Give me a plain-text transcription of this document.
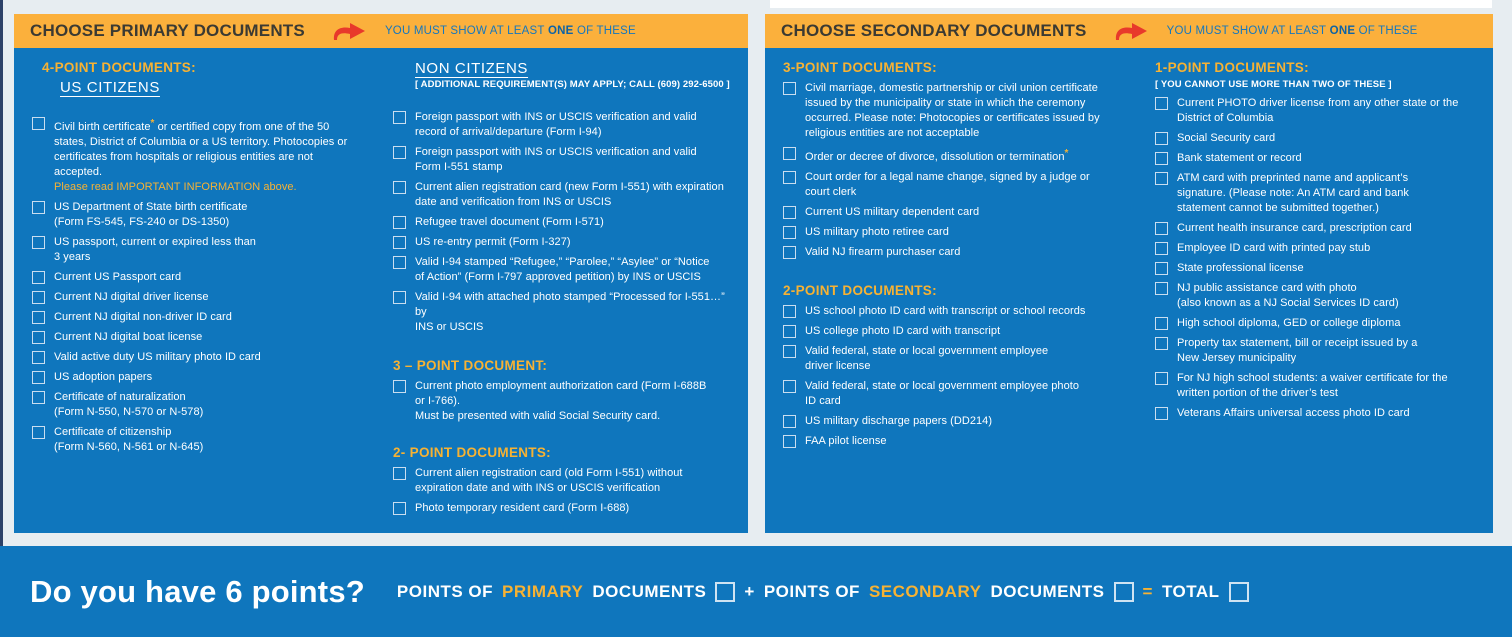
CHOOSE PRIMARY DOCUMENTS	YOU MUST SHOW AT LEAST ONE OF THESE
4-POINT DOCUMENTS:
US CITIZENS
Civil birth certificate* or certified copy from one of the 50 states, District of Columbia or a US territory. Photocopies or certificates from hospitals or religious entities are not accepted.
Please read IMPORTANT INFORMATION above.
US Department of State birth certificate
(Form FS-545, FS-240 or DS-1350)
US passport, current or expired less than
3 years
Current US Passport card
Current NJ digital driver license
Current NJ digital non-driver ID card
Current NJ digital boat license
Valid active duty US military photo ID card
US adoption papers
Certificate of naturalization
(Form N-550, N-570 or N-578)
Certificate of citizenship
(Form N-560, N-561 or N-645)
NON CITIZENS
[ ADDITIONAL REQUIREMENT(S) MAY APPLY; CALL (609) 292-6500 ]
Foreign passport with INS or USCIS verification and valid
record of arrival/departure (Form I-94)
Foreign passport with INS or USCIS verification and valid
Form I-551 stamp
Current alien registration card (new Form I-551) with expiration
date and verification from INS or USCIS
Refugee travel document (Form I-571)
US re-entry permit (Form I-327)
Valid I-94 stamped “Refugee,” “Parolee,” “Asylee” or “Notice
of Action” (Form I-797 approved petition) by INS or USCIS
Valid I-94 with attached photo stamped “Processed for I-551…” by
INS or USCIS
3 – POINT DOCUMENT:
Current photo employment authorization card (Form I-688B
or I-766).
Must be presented with valid Social Security card.
2- POINT DOCUMENTS:
Current alien registration card (old Form I-551) without
expiration date and with INS or USCIS verification
Photo temporary resident card (Form I-688)
CHOOSE SECONDARY DOCUMENTS	YOU MUST SHOW AT LEAST ONE OF THESE
3-POINT DOCUMENTS:
Civil marriage, domestic partnership or civil union certificate
issued by the municipality or state in which the ceremony
occurred. Please note: Photocopies or certificates issued by
religious entities are not acceptable
Order or decree of divorce, dissolution or termination*
Court order for a legal name change, signed by a judge or
court clerk
Current US military dependent card
US military photo retiree card
Valid NJ firearm purchaser card
2-POINT DOCUMENTS:
US school photo ID card with transcript or school records
US college photo ID card with transcript
Valid federal, state or local government employee
driver license
Valid federal, state or local government employee photo
ID card
US military discharge papers (DD214)
FAA pilot license
1-POINT DOCUMENTS:
[ YOU CANNOT USE MORE THAN TWO OF THESE ]
Current PHOTO driver license from any other state or the
District of Columbia
Social Security card
Bank statement or record
ATM card with preprinted name and applicant’s
signature. (Please note: An ATM card and bank
statement cannot be submitted together.)
Current health insurance card, prescription card
Employee ID card with printed pay stub
State professional license
NJ public assistance card with photo
(also known as a NJ Social Services ID card)
High school diploma, GED or college diploma
Property tax statement, bill or receipt issued by a
New Jersey municipality
For NJ high school students: a waiver certificate for the
written portion of the driver’s test
Veterans Affairs universal access photo ID card
Do you have 6 points? POINTS OF PRIMARY DOCUMENTS + POINTS OF SECONDARY DOCUMENTS = TOTAL
